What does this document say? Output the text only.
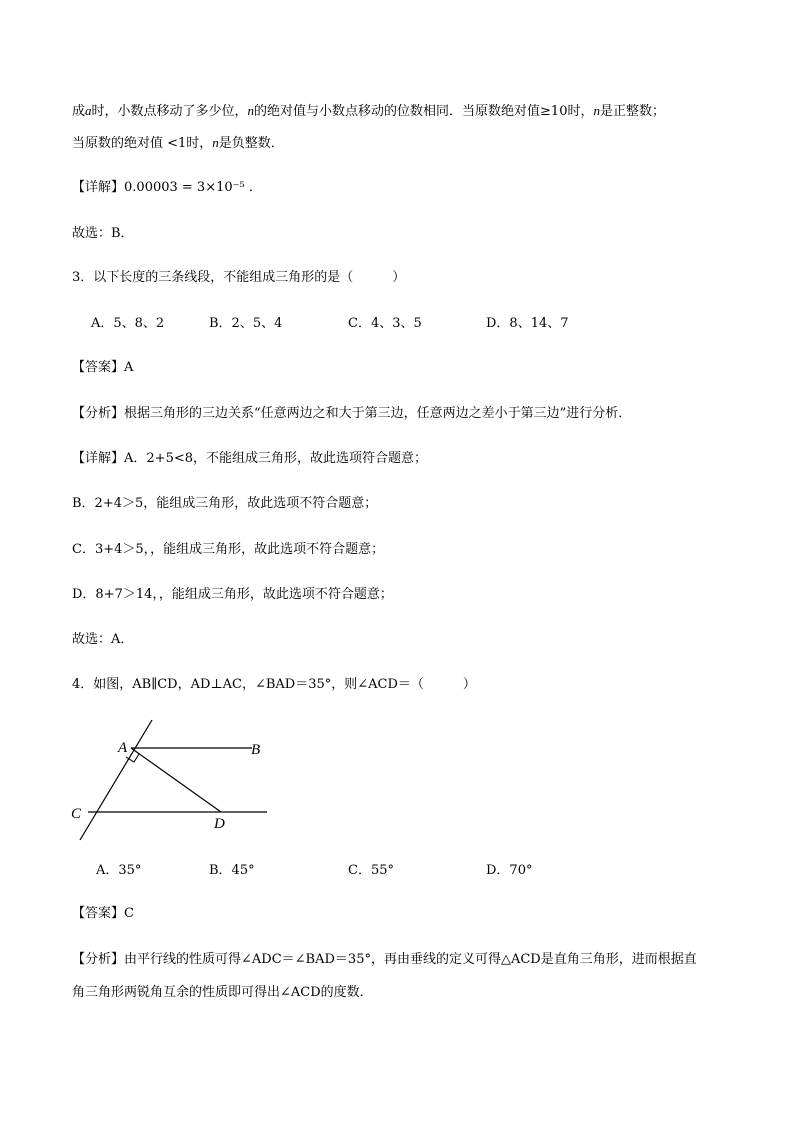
成a时，小数点移动了多少位，n的绝对值与小数点移动的位数相同．当原数绝对值≥10时，n是正整数；
当原数的绝对值 <1时，n是负整数．
【详解】0.00003 = 3×10⁻⁵ ．
故选：B．
3．以下长度的三条线段，不能组成三角形的是（　　　）
A．5、8、2	B．2、5、4	C．4、3、5	D．8、14、7
【答案】A
【分析】根据三角形的三边关系“任意两边之和大于第三边，任意两边之差小于第三边”进行分析．
【详解】A．2+5<8，不能组成三角形，故此选项符合题意；
B．2+4＞5，能组成三角形，故此选项不符合题意；
C．3+4＞5，，能组成三角形，故此选项不符合题意；
D．8+7＞14，，能组成三角形，故此选项不符合题意；
故选：A．
4．如图，AB∥CD，AD⊥AC，∠BAD＝35°，则∠ACD＝（　　　）
A	B
C
D
A．35°	B．45°	C．55°	D．70°
【答案】C
【分析】由平行线的性质可得∠ADC＝∠BAD＝35°，再由垂线的定义可得△ACD是直角三角形，进而根据直
角三角形两锐角互余的性质即可得出∠ACD的度数．
